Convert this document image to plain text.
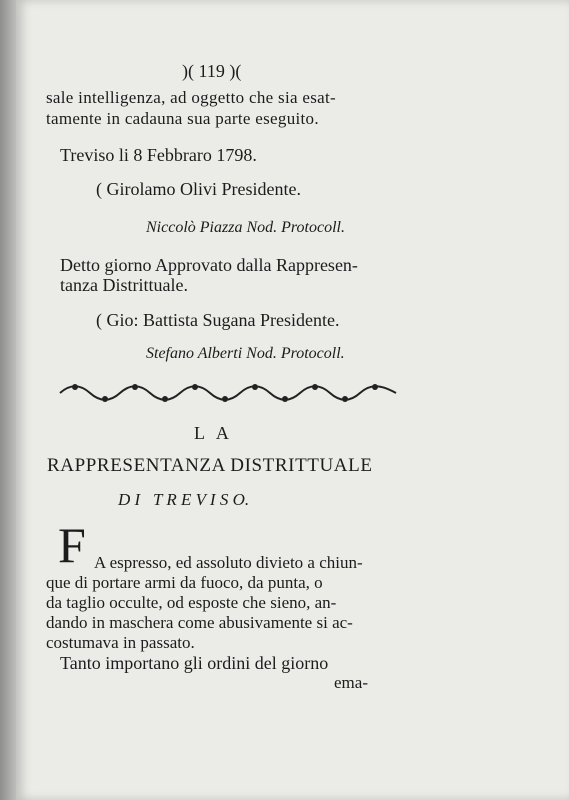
)( 119 )(
sale intelligenza, ad oggetto che sia esat-
tamente in cadauna sua parte eseguito.
Treviso li 8 Febbraro 1798.
( Girolamo Olivi Presidente.
Niccolò Piazza Nod. Protocoll.
Detto giorno Approvato dalla Rappresen-
tanza Distrittuale.
( Gio: Battista Sugana Presidente.
Stefano Alberti Nod. Protocoll.
L A
RAPPRESENTANZA DISTRITTUALE
D I   T R E V I S O.
F A espresso, ed assoluto divieto a chiun-
que di portare armi da fuoco, da punta, o
da taglio occulte, od esposte che sieno, an-
dando in maschera come abusivamente si ac-
costumava in passato.
Tanto importano gli ordini del giorno
ema-
